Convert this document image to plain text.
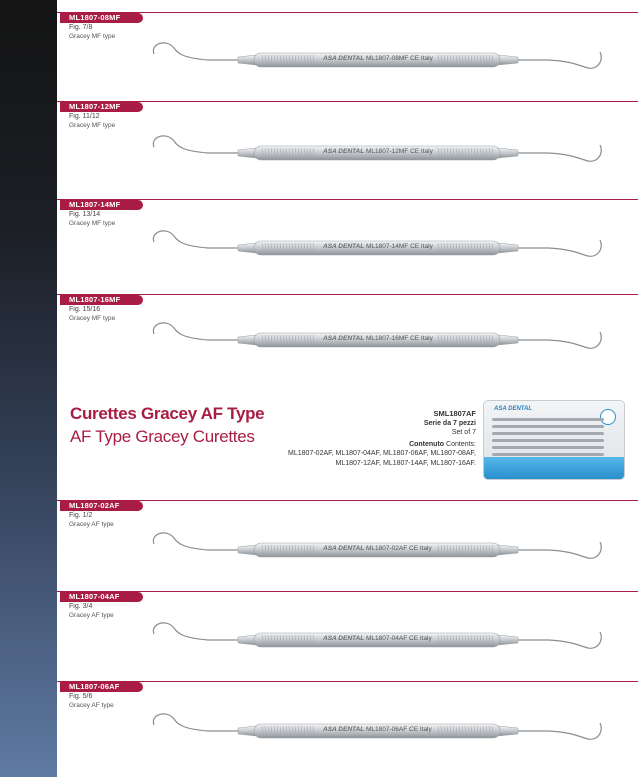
ML1807-08MF
Fig. 7/8
Gracey MF type
ASA DENTAL ML1807-08MF CE Italy
ML1807-12MF
Fig. 11/12
Gracey MF type
ASA DENTAL ML1807-12MF CE Italy
ML1807-14MF
Fig. 13/14
Gracey MF type
ASA DENTAL ML1807-14MF CE Italy
ML1807-16MF
Fig. 15/16
Gracey MF type
ASA DENTAL ML1807-16MF CE Italy
Curettes Gracey AF Type
AF Type Gracey Curettes
SML1807AF
Serie da 7 pezzi
Set of 7
Contenuto Contents:
ML1807-02AF, ML1807-04AF, ML1807-06AF, ML1807-08AF,
ML1807-12AF, ML1807-14AF, ML1807-16AF.
ASA DENTAL
ML1807-02AF
Fig. 1/2
Gracey AF type
ASA DENTAL ML1807-02AF CE Italy
ML1807-04AF
Fig. 3/4
Gracey AF type
ASA DENTAL ML1807-04AF CE Italy
ML1807-06AF
Fig. 5/6
Gracey AF type
ASA DENTAL ML1807-06AF CE Italy
